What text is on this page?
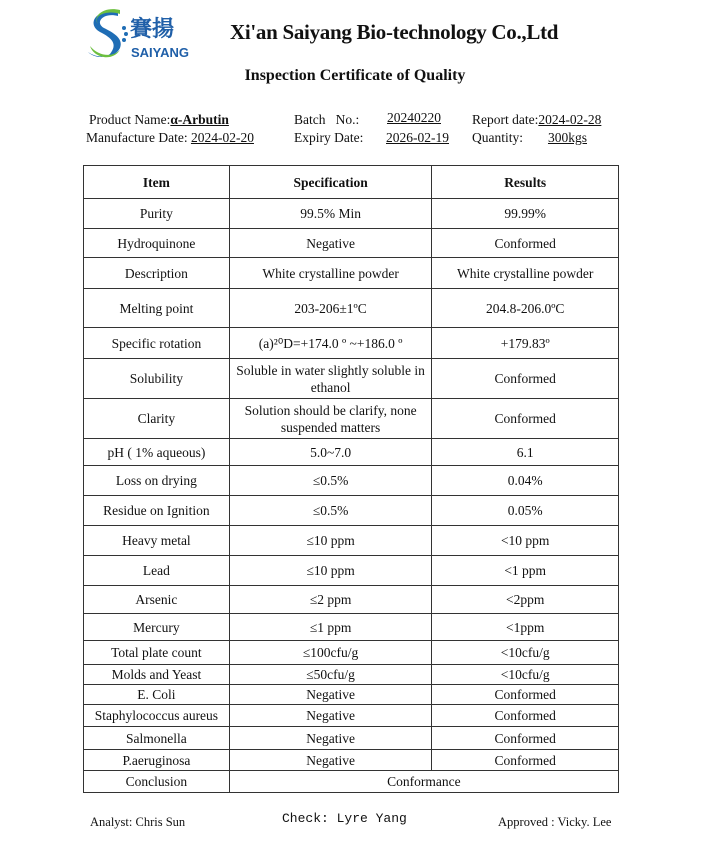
賽揚
SAIYANG
Xi'an Saiyang Bio-technology Co.,Ltd
Inspection Certificate of Quality
Product Name:α-Arbutin	Batch   No.: 20240220 Report date:2024-02-28
Manufacture Date: 2024-02-20	Expiry Date: 2026-02-19	Quantity: 300kgs
Item	Specification	Results
Purity	99.5% Min	99.99%
Hydroquinone	Negative	Conformed
Description	White crystalline powder	White crystalline powder
Melting point	203-206±1ºC	204.8-206.0ºC
Specific rotation	(a)²⁰D=+174.0 º ~+186.0 º	+179.83º
Solubility	Soluble in water slightly soluble in ethanol	Conformed
Clarity	Solution should be clarify, none suspended matters	Conformed
pH ( 1% aqueous)	5.0~7.0	6.1
Loss on drying	≤0.5%	0.04%
Residue on Ignition	≤0.5%	0.05%
Heavy metal	≤10 ppm	<10 ppm
Lead	≤10 ppm	<1 ppm
Arsenic	≤2 ppm	<2ppm
Mercury	≤1 ppm	<1ppm
Total plate count	≤100cfu/g	<10cfu/g
Molds and Yeast	≤50cfu/g	<10cfu/g
E. Coli	Negative	Conformed
Staphylococcus aureus	Negative	Conformed
Salmonella	Negative	Conformed
P.aeruginosa	Negative	Conformed
Conclusion	Conformance	
Analyst: Chris Sun	Check: Lyre Yang	Approved : Vicky. Lee
